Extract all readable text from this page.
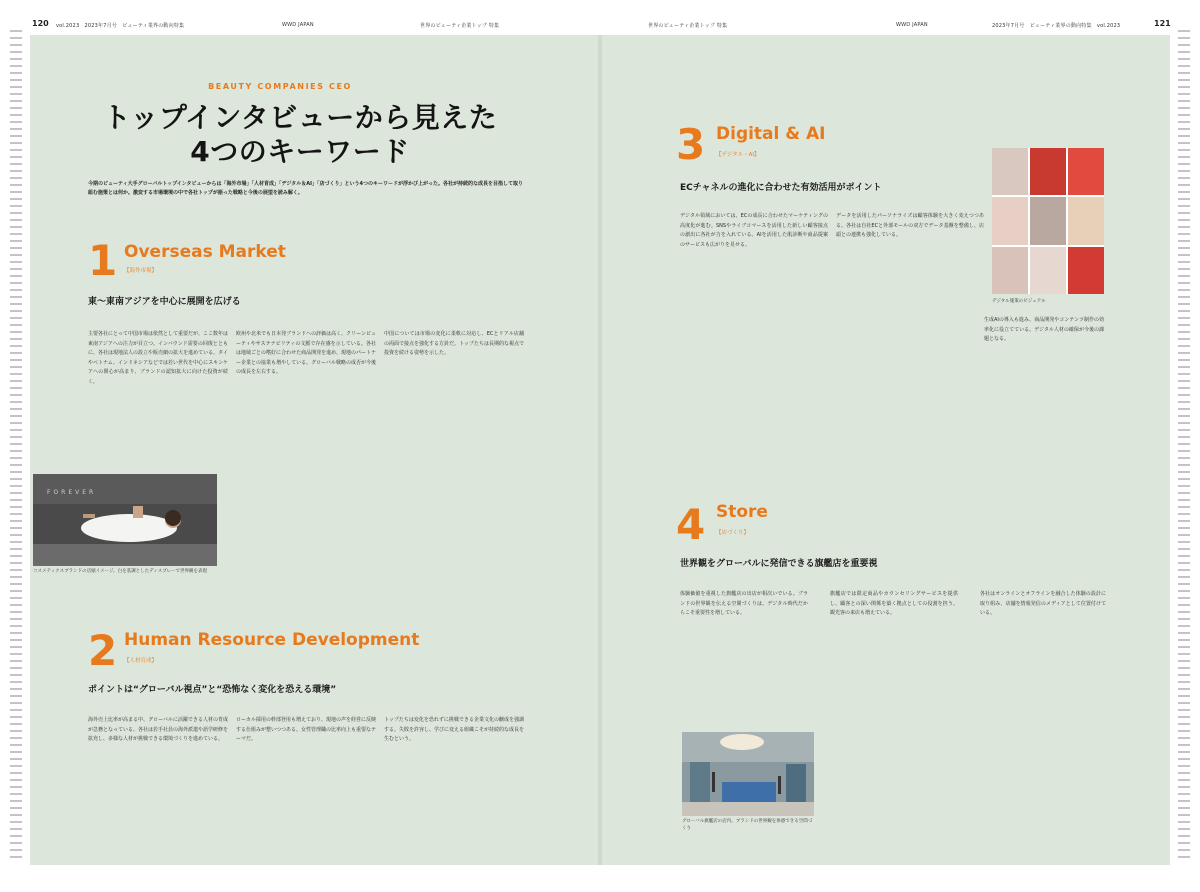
120 vol.2023　2023年7月号　ビューティ業界の動向特集	WWD JAPAN	世界のビューティ企業トップ 特集	世界のビューティ企業トップ 特集	WWD JAPAN	2023年7月号　ビューティ業界の動向特集　vol.2023	121
BEAUTY COMPANIES CEO
トップインタビューから見えた
4つのキーワード
今期のビューティ大手グローバルトップインタビューからは「海外市場」「人材育成」「デジタル＆AI」「店づくり」という4つのキーワードが浮かび上がった。各社が持続的な成長を目指して取り組む施策とは何か。激変する市場環境の中で各社トップが語った戦略と今後の展望を読み解く。
1 Overseas Market
【海外市場】
東～東南アジアを中心に展開を広げる
主要各社にとって中国市場は依然として重要だが、ここ数年は東南アジアへの注力が目立つ。インバウンド需要の回復とともに、各社は現地法人の設立や販売網の拡大を進めている。タイやベトナム、インドネシアなどでは若い世代を中心にスキンケアへの関心が高まり、ブランドの認知拡大に向けた投資が続く。
欧州や北米でも日本発ブランドへの評価は高く、クリーンビューティやサステナビリティの文脈で存在感を示している。各社は地域ごとの嗜好に合わせた商品開発を進め、現地のパートナー企業との協業も増やしている。グローバル戦略の成否が今後の成長を左右する。
中国については市場の変化に柔軟に対応し、ECとリアル店舗の両面で接点を強化する方針だ。トップたちは長期的な視点で投資を続ける姿勢を示した。
FOREVER
コスメティクスブランドの店頭イメージ。白を基調としたディスプレーで世界観を表現
2 Human Resource Development
【人材育成】
ポイントは“グローバル視点”と“恐怖なく変化を恐える環境”
海外売上比率が高まる中、グローバルに活躍できる人材の育成が急務となっている。各社は若手社員の海外派遣や語学研修を拡充し、多様な人材が挑戦できる環境づくりを進めている。
ローカル採用の幹部登用も増えており、現地の声を経営に反映する仕組みが整いつつある。女性管理職の比率向上も重要なテーマだ。
トップたちは変化を恐れずに挑戦できる企業文化の醸成を強調する。失敗を許容し、学びに変える組織こそが持続的な成長を生むという。
3 Digital & AI
【デジタル・AI】
ECチャネルの進化に合わせた有効活用がポイント
デジタル領域においては、ECの成長に合わせたマーケティングの高度化が進む。SNSやライブコマースを活用した新しい顧客接点の創出に各社が力を入れている。AIを活用した肌診断や商品提案のサービスも広がりを見せる。
データを活用したパーソナライズは顧客体験を大きく変えつつある。各社は自社ECと外部モールの双方でデータ基盤を整備し、店頭との連携も強化している。
生成AIの導入も進み、商品開発やコンテンツ制作の効率化に役立てている。デジタル人材の確保が今後の課題となる。
デジタル施策のビジュアル
4 Store
【店づくり】
世界観をグローバルに発信できる旗艦店を重要視
体験価値を重視した旗艦店の出店が相次いでいる。ブランドの世界観を伝える空間づくりは、デジタル時代だからこそ重要性を増している。
旗艦店では限定商品やカウンセリングサービスを提供し、顧客との深い関係を築く拠点としての役割を担う。観光客の来店も増えている。
各社はオンラインとオフラインを融合した体験の設計に取り組み、店舗を情報発信のメディアとして位置付けている。
グローバル旗艦店の店内。ブランドの世界観を体感できる空間づくり
